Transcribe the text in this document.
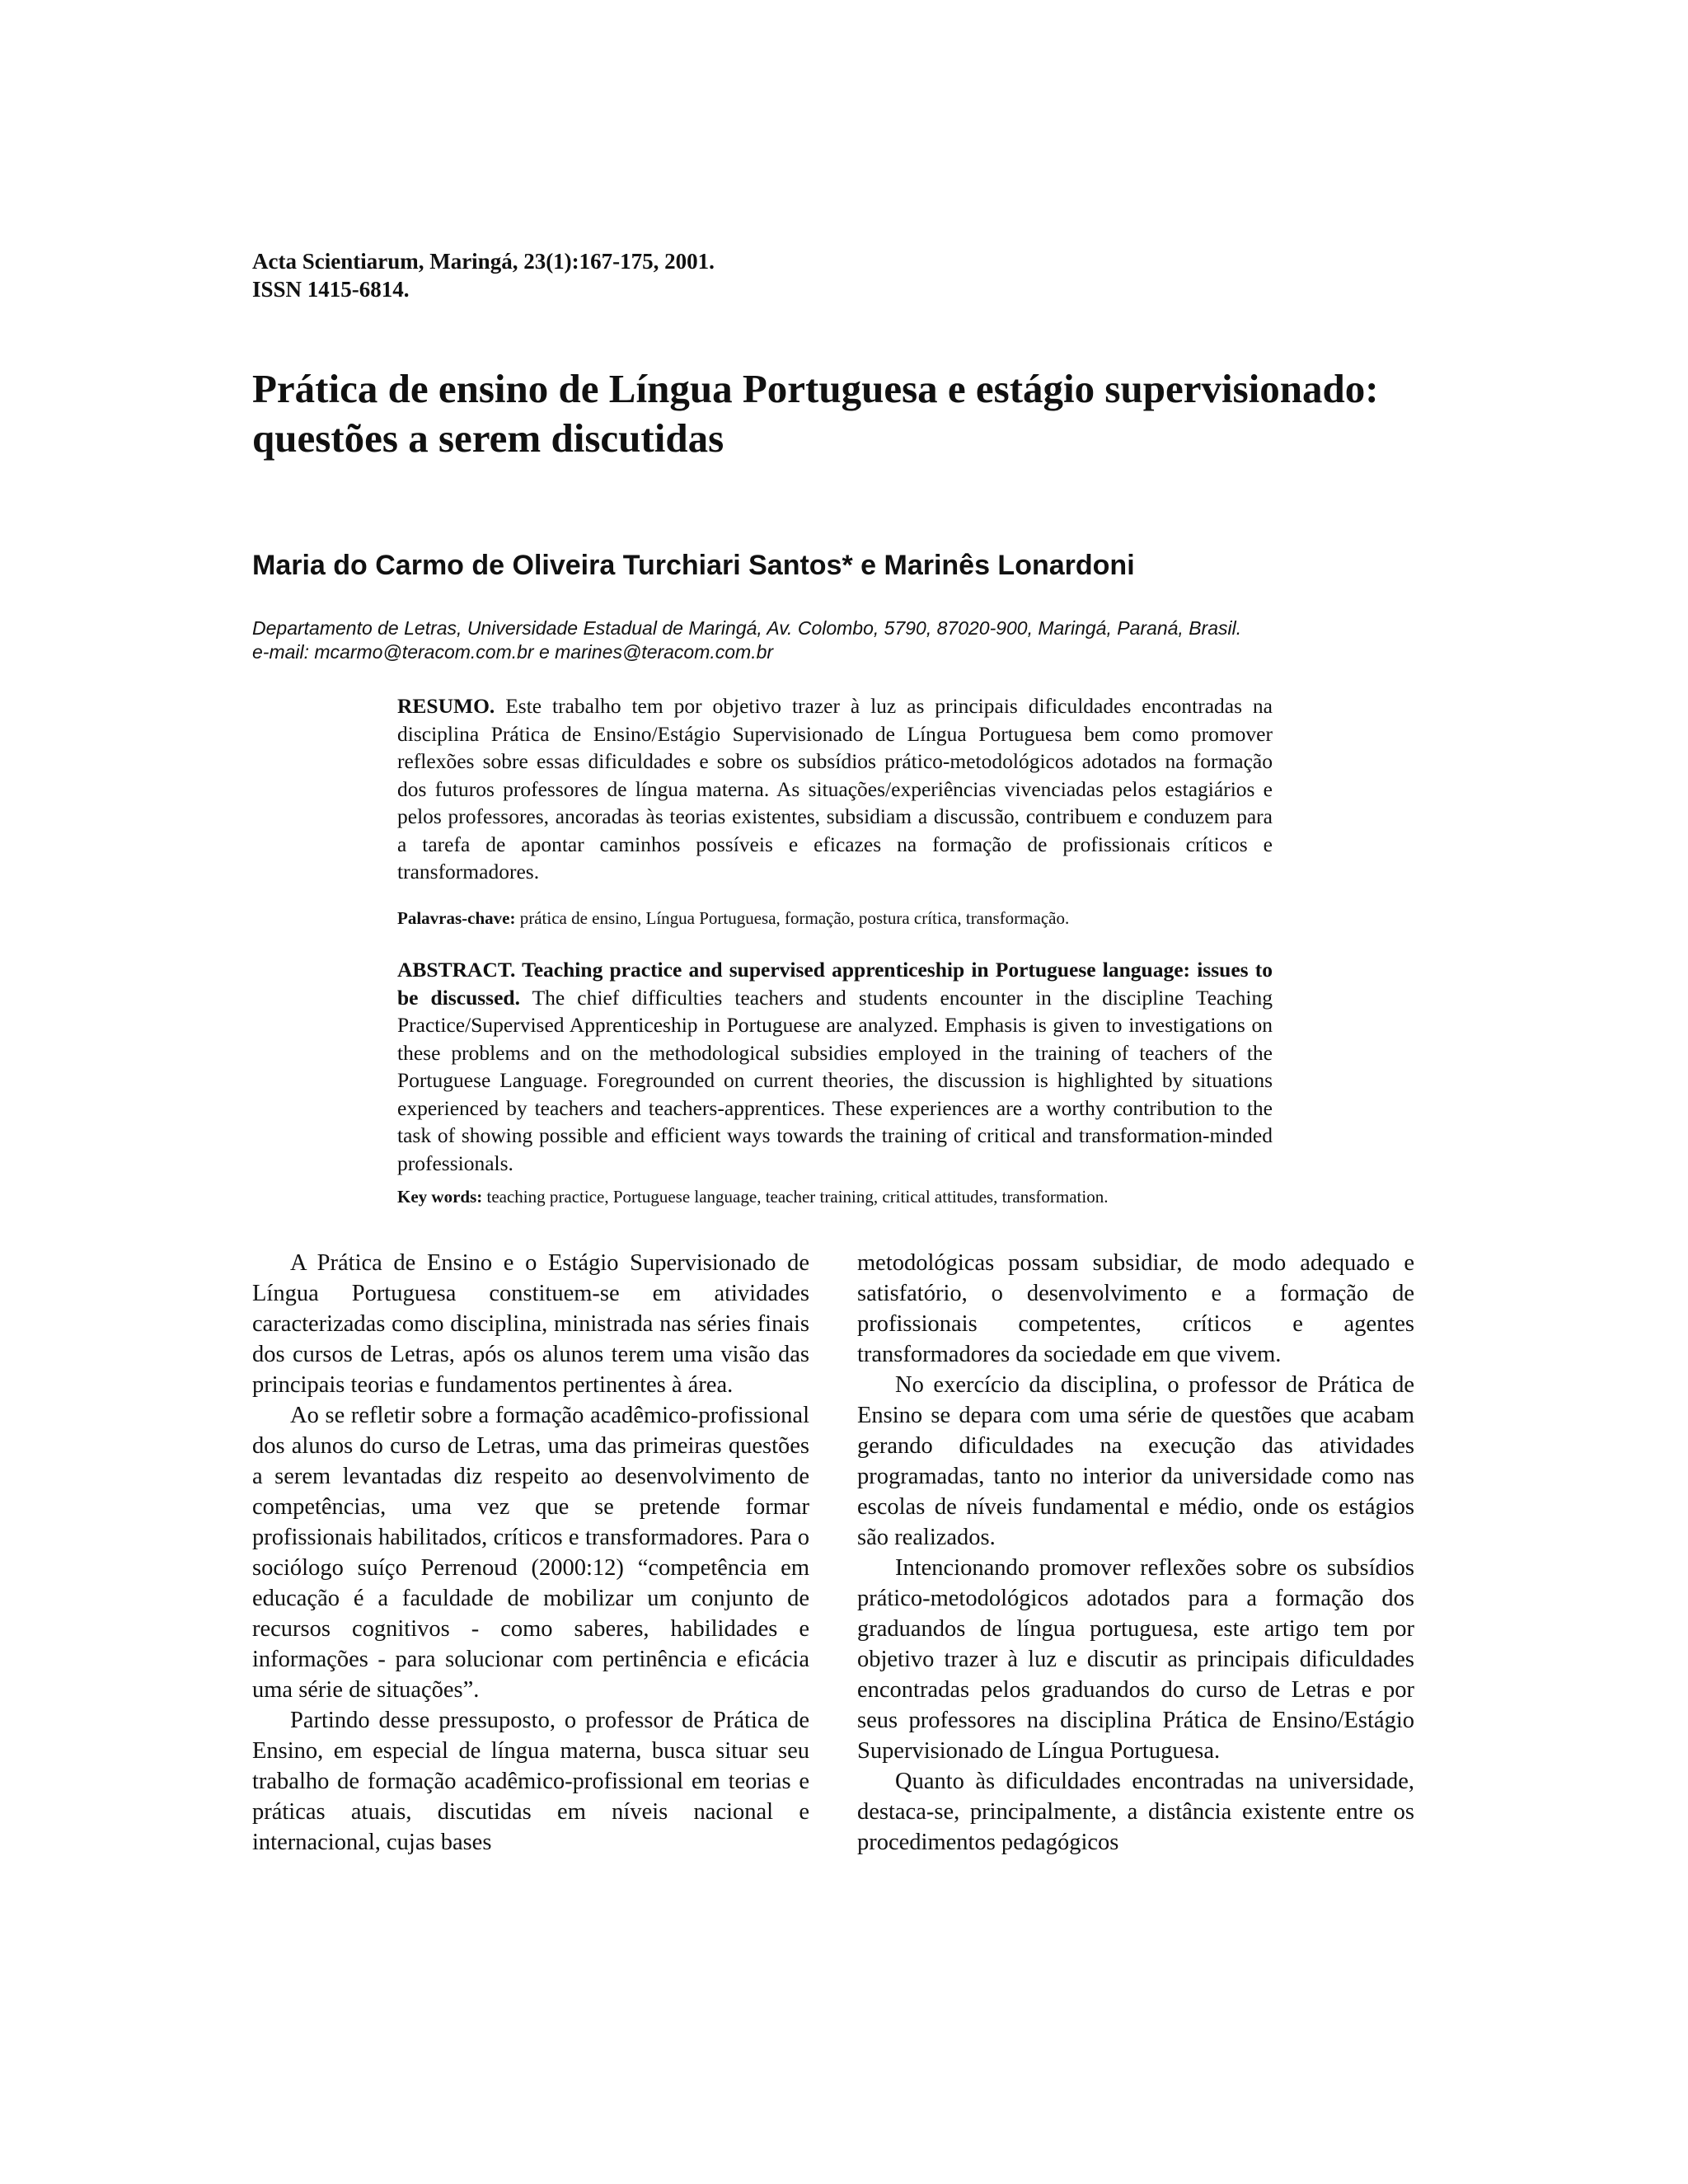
Acta Scientiarum, Maringá, 23(1):167-175, 2001.
ISSN 1415-6814.
Prática de ensino de Língua Portuguesa e estágio supervisionado:
questões a serem discutidas
Maria do Carmo de Oliveira Turchiari Santos* e Marinês Lonardoni
Departamento de Letras, Universidade Estadual de Maringá, Av. Colombo, 5790, 87020-900, Maringá, Paraná, Brasil.
e-mail: mcarmo@teracom.com.br e marines@teracom.com.br
RESUMO. Este trabalho tem por objetivo trazer à luz as principais dificuldades encontradas na disciplina Prática de Ensino/Estágio Supervisionado de Língua Portuguesa bem como promover reflexões sobre essas dificuldades e sobre os subsídios prático-metodológicos adotados na formação dos futuros professores de língua materna. As situações/experiências vivenciadas pelos estagiários e pelos professores, ancoradas às teorias existentes, subsidiam a discussão, contribuem e conduzem para a tarefa de apontar caminhos possíveis e eficazes na formação de profissionais críticos e transformadores.
Palavras-chave: prática de ensino, Língua Portuguesa, formação, postura crítica, transformação.
ABSTRACT. Teaching practice and supervised apprenticeship in Portuguese language: issues to be discussed. The chief difficulties teachers and students encounter in the discipline Teaching Practice/Supervised Apprenticeship in Portuguese are analyzed. Emphasis is given to investigations on these problems and on the methodological subsidies employed in the training of teachers of the Portuguese Language. Foregrounded on current theories, the discussion is highlighted by situations experienced by teachers and teachers-apprentices. These experiences are a worthy contribution to the task of showing possible and efficient ways towards the training of critical and transformation-minded professionals.
Key words: teaching practice, Portuguese language, teacher training, critical attitudes, transformation.

A Prática de Ensino e o Estágio Supervisionado de Língua Portuguesa constituem-se em atividades caracterizadas como disciplina, ministrada nas séries finais dos cursos de Letras, após os alunos terem uma visão das principais teorias e fundamentos pertinentes à área.

Ao se refletir sobre a formação acadêmico-profissional dos alunos do curso de Letras, uma das primeiras questões a serem levantadas diz respeito ao desenvolvimento de competências, uma vez que se pretende formar profissionais habilitados, críticos e transformadores. Para o sociólogo suíço Perrenoud (2000:12) “competência em educação é a faculdade de mobilizar um conjunto de recursos cognitivos - como saberes, habilidades e informações - para solucionar com pertinência e eficácia uma série de situações”.

Partindo desse pressuposto, o professor de Prática de Ensino, em especial de língua materna, busca situar seu trabalho de formação acadêmico-profissional em teorias e práticas atuais, discutidas em níveis nacional e internacional, cujas bases

metodológicas possam subsidiar, de modo adequado e satisfatório, o desenvolvimento e a formação de profissionais competentes, críticos e agentes transformadores da sociedade em que vivem.

No exercício da disciplina, o professor de Prática de Ensino se depara com uma série de questões que acabam gerando dificuldades na execução das atividades programadas, tanto no interior da universidade como nas escolas de níveis fundamental e médio, onde os estágios são realizados.

Intencionando promover reflexões sobre os subsídios prático-metodológicos adotados para a formação dos graduandos de língua portuguesa, este artigo tem por objetivo trazer à luz e discutir as principais dificuldades encontradas pelos graduandos do curso de Letras e por seus professores na disciplina Prática de Ensino/Estágio Supervisionado de Língua Portuguesa.

Quanto às dificuldades encontradas na universidade, destaca-se, principalmente, a distância existente entre os procedimentos pedagógicos
